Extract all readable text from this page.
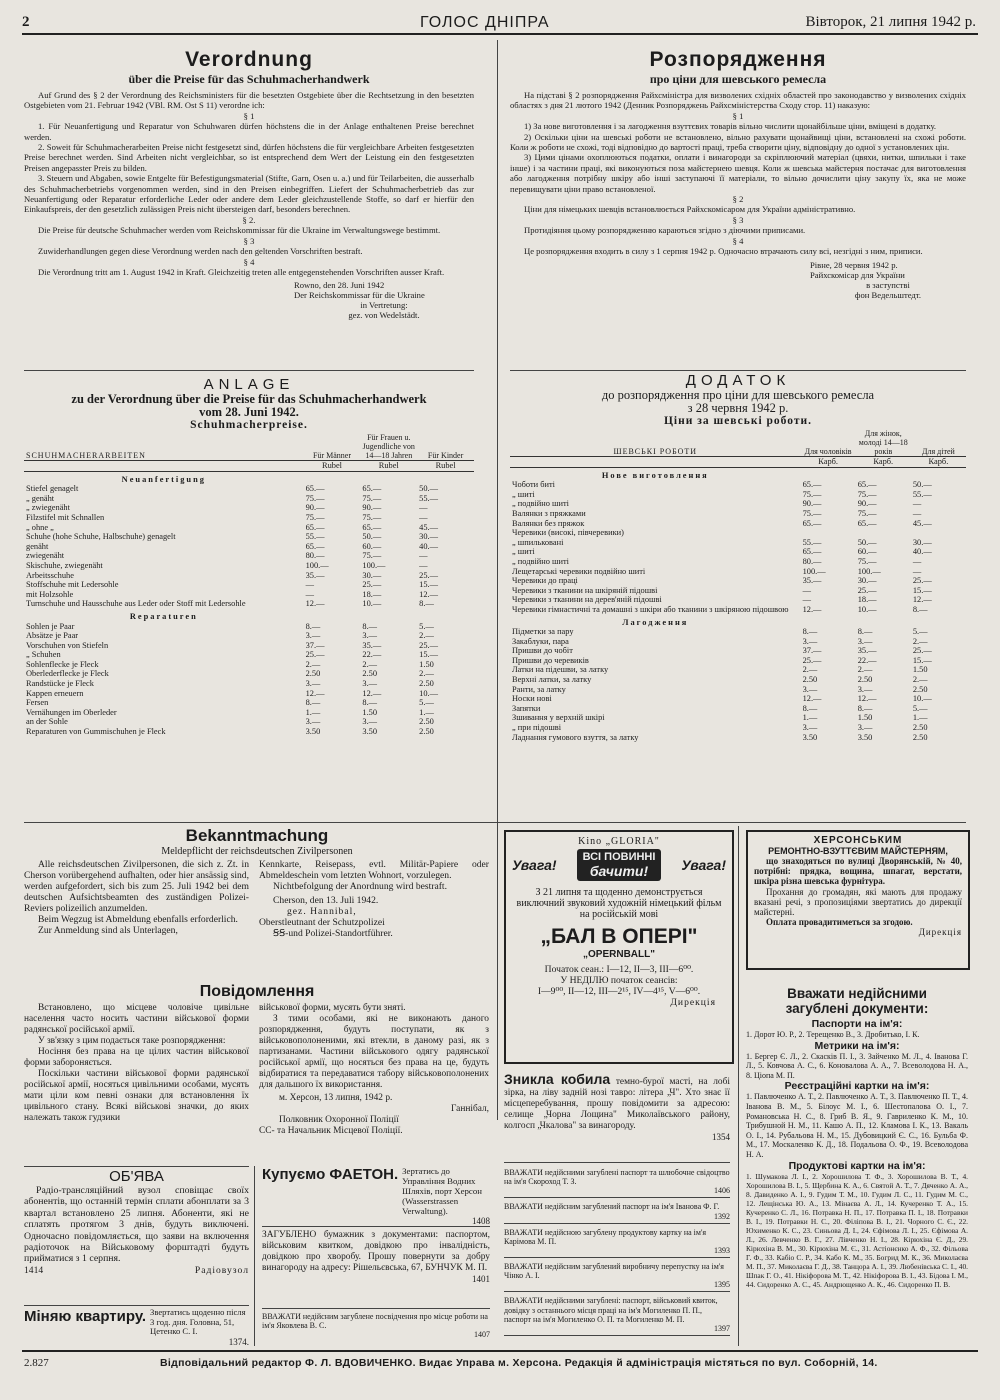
2	ГОЛОС ДНІПРА	Вівторок, 21 липня 1942 р.
Verordnung
über die Preise für das Schuhmacherhandwerk

Auf Grund des § 2 der Verordnung des Reichsministers für die besetzten Ostgebiete über die Rechtsetzung in den besetzten Ostgebieten vom 21. Februar 1942 (VBl. RM. Ost S 11) verordne ich:

§ 1

1. Für Neuanfertigung und Reparatur von Schuhwaren dürfen höchstens die in der Anlage enthaltenen Preise berechnet werden.

2. Soweit für Schuhmacherarbeiten Preise nicht festgesetzt sind, dürfen höchstens die für vergleichbare Arbeiten festgesetzten Preise berechnet werden. Sind Arbeiten nicht vergleichbar, so ist entsprechend dem Wert der Leistung ein den festgesetzten Preisen angepasster Preis zu bilden.

3. Steuern und Abgaben, sowie Entgelte für Befestigungsmaterial (Stifte, Garn, Osen u. a.) und für Teilarbeiten, die ausserhalb des Schuhmacherbetriebs vorgenommen werden, sind in den Preisen einbegriffen. Liefert der Schuhmacherbetrieb das zur Neuanfertigung oder Reparatur erforderliche Leder oder andere dem Leder gleichzustellende Stoffe, so darf er hierfür den Einkaufspreis, der den gesetzlich zulässigen Preis nicht übersteigen darf, besonders berechnen.

§ 2.

Die Preise für deutsche Schuhmacher werden vom Reichskommissar für die Ukraine im Verwaltungswege bestimmt.

§ 3

Zuwiderhandlungen gegen diese Verordnung werden nach den geltenden Vorschriften bestraft.

§ 4

Die Verordnung tritt am 1. August 1942 in Kraft. Gleichzeitig treten alle entgegenstehenden Vorschriften ausser Kraft.

Rowno, den 28. Juni 1942
Der Reichskommissar für die Ukraine
in Vertretung:
gez. von Wedelstädt.
Розпорядження
про ціни для шевського ремесла

На підставі § 2 розпорядження Райхсміністра для визволених східніх областей про законодавство у визволених східніх областях з дня 21 лютого 1942 (Денник Розпоряджень Райхсміністерства Сходу стор. 11) наказую:

§ 1

1) За нове виготовлення і за лагодження взуттєвих товарів вільно числити щонайбільше ціни, вміщені в додатку.

2) Оскільки ціни на шевські роботи не встановлено, вільно рахувати щонайвищі ціни, встановлені на схожі роботи. Коли ж роботи не схожі, тоді відповідно до вартості праці, треба створити ціну, відповідну до одної з установлених цін.

3) Цими цінами охоплюються податки, оплати і винагороди за скріплюючий матеріал (цвяхи, нитки, шпильки і таке інше) і за частини праці, які виконуються поза майстернею шевця. Коли ж шевська майстерня постачає для виготовлення або лагодження потрібну шкіру або інші заступаючі її матеріали, то вільно дочислити ціну закупу їх, яка не може перевищувати ціни право встановленої.

§ 2

Ціни для німецьких шевців встановлюється Райхскомісаром для України адміністративно.

§ 3

Протидіяння цьому розпорядженню караються згідно з діючими приписами.

§ 4

Це розпорядження входить в силу з 1 серпня 1942 р. Одночасно втрачають силу всі, незгідні з ним, приписи.

Рівне, 28 червня 1942 р.
Райхскомісар для України
в заступстві
фон Ведельштедт.
ANLAGE
zu der Verordnung über die Preise für das Schuhmacherhandwerk
vom 28. Juni 1942.
Schuhmacherpreise.
SCHUHMACHERARBEITEN	Für Männer	Für Frauen u. Jugendliche von 14—18 Jahren	Für Kinder
	Rubel	Rubel	Rubel
Neuanfertigung			
Stiefel genagelt	65.—	65.—	50.—
„ genäht	75.—	75.—	55.—
„ zwiegenäht	90.—	90.—	—
Filzstifel mit Schnallen	75.—	75.—	—
„ ohne „	65.—	65.—	45.—
Schuhe (hohe Schuhe, Halbschuhe) genagelt	55.—	50.—	30.—
genäht	65.—	60.—	40.—
zwiegenäht	80.—	75.—	—
Skischuhe, zwiegenäht	100.—	100.—	—
Arbeitsschuhe	35.—	30.—	25.—
Stoffschuhe mit Ledersohle	—	25.—	15.—
mit Holzsohle	—	18.—	12.—
Turnschuhe und Hausschuhe aus Leder oder Stoff mit Ledersohle	12.—	10.—	8.—
Reparaturen			
Sohlen je Paar	8.—	8.—	5.—
Absätze je Paar	3.—	3.—	2.—
Vorschuhen von Stiefeln	37.—	35.—	25.—
„ Schuhen	25.—	22.—	15.—
Sohlenflecke je Fleck	2.—	2.—	1.50
Oberlederflecke je Fleck	2.50	2.50	2.—
Randstücke je Fleck	3.—	3.—	2.50
Kappen erneuern	12.—	12.—	10.—
Fersen	8.—	8.—	5.—
Vernähungen im Oberleder	1.—	1.50	1.—
an der Sohle	3.—	3.—	2.50
Reparaturen von Gummischuhen je Fleck	3.50	3.50	2.50
ДОДАТОК
до розпорядження про ціни для шевського ремесла
з 28 червня 1942 р.
Ціни за шевські роботи.
ШЕВСЬКІ РОБОТИ	Для чоловіків	Для жінок, молоді 14—18 років	Для дітей
	Карб.	Карб.	Карб.
Нове виготовлення			
Чоботи биті	65.—	65.—	50.—
„ шиті	75.—	75.—	55.—
„ подвійно шиті	90.—	90.—	—
Валянки з пряжками	75.—	75.—	—
Валянки без пряжок	65.—	65.—	45.—
Черевики (високі, півчеревики)			
„ шпильковані	55.—	50.—	30.—
„ шиті	65.—	60.—	40.—
„ подвійно шиті	80.—	75.—	—
Лещетарські черевики подвійно шиті	100.—	100.—	—
Черевики до праці	35.—	30.—	25.—
Черевики з тканини на шкіряній підошві	—	25.—	15.—
Черевики з тканини на дерев'яній підошві	—	18.—	12.—
Черевики гімнастичні та домашні з шкіри або тканини з шкіряною підошвою	12.—	10.—	8.—
Лагодження			
Підметки за пару	8.—	8.—	5.—
Закаблуки, пара	3.—	3.—	2.—
Пришви до чобіт	37.—	35.—	25.—
Пришви до черевиків	25.—	22.—	15.—
Латки на підешви, за латку	2.—	2.—	1.50
Верхні латки, за латку	2.50	2.50	2.—
Ранти, за латку	3.—	3.—	2.50
Носки нові	12.—	12.—	10.—
Запятки	8.—	8.—	5.—
Зшивання у верхній шкірі	1.—	1.50	1.—
„ при підошві	3.—	3.—	2.50
Ладнання гумового взуття, за латку	3.50	3.50	2.50
Bekanntmachung
Meldepflicht der reichsdeutschen Zivilpersonen

Alle reichsdeutschen Zivilpersonen, die sich z. Zt. in Cherson vorübergehend aufhalten, oder hier ansässig sind, werden aufgefordert, sich bis zum 25. Juli 1942 bei dem deutschen Aufsichtsbeamten des zuständigen Polizei-Reviers polizeilich anzumelden.

Beim Wegzug ist Abmeldung ebenfalls erforderlich.

Zur Anmeldung sind als Unterlagen,

Kennkarte, Reisepass, evtl. Militär-Papiere oder Abmeldeschein vom letzten Wohnort, vorzulegen.

Nichtbefolgung der Anordnung wird bestraft.

Cherson, den 13. Juli 1942.
gez. Hannibal,
Oberstleutnant der Schutzpolizei
ꞨꞨ-und Polizei-Standortführer.
Повідомлення

Встановлено, що місцеве чоловіче цивільне населення часто носить частини військової форми радянської російської армії.

У зв'язку з цим подається таке розпорядження:

Носіння без права на це цілих частин військової форми забороняється.

Поскільки частини військової форми радянської російської армії, носяться цивільними особами, мусять мати ціли ком певні ознаки для встановлення їх цивільного стану. Всякі військові значки, до яких належать також гудзики

військової форми, мусять бути зняті.

З тими особами, які не виконають даного розпорядження, будуть поступати, як з військовополоненими, які втекли, в даному разі, як з партизанами. Частини військового одягу радянської російської армії, що носяться без права на це, будуть відбиратися та передаватися табору військовополонених для дальшого їх використання.

м. Херсон, 13 липня, 1942 р.
Ганнібал,
Полковник Охоронної Поліції
СС- та Начальник Місцевої Поліції.
ОБ'ЯВА

Радіо-трансляційний вузол сповіщає своїх абонентів, що останній термін сплати абонплати за 3 квартал встановлено 25 липня. Абоненти, які не сплатять протягом 3 днів, будуть виключені. Одночасно повідомляється, що заяви на включення радіоточок на Військовому форштадті будуть прийматися з 1 серпня.

1414	Радіовузол
Міняю квартиру. Звертатись щоденно після 3 год. дня. Головна, 51, Цетенко С. І.
1374.
Купуємо ФАЕТОН. Зертатись до Управління Водних Шляхів, порт Херсон (Wasserstrassen Verwaltung).
1408

ЗАГУБЛЕНО бумажник з документами: паспортом, військовим квитком, довідкою про інвалідність, довідкою про хворобу. Прошу повернути за добру винагороду на адресу: Рішельєвська, 67, БУНЧУК М. П.

1401

ВВАЖАТИ недійсним загублене посвідчення про місце роботи на ім'я Яковлева В. С.

1407
Kino „GLORIA"
Увага! ВСІ ПОВИННІ
бачити!	Увага!

З 21 липня та щоденно демонструється виключний звуковий художній німецький фільм на російській мові

„БАЛ В ОПЕРІ"
„OPERNBALL"
Початок сеан.: I—12, II—3, III—6⁰⁰.
У НЕДІЛЮ початок сеансів:
I—9⁰⁰, II—12, III—2¹⁵, IV—4¹⁵, V—6⁰⁰.
Дирекція
Зникла кобила темно-бурої масті, на лобі зірка, на ліву задній нозі тавро: літера „Ч". Хто знає її місцеперебування, прошу повідомити за адресою: селище „Чорна Лощина" Миколаївського району, колгосп „Чкалова" за винагороду.
1354

ВВАЖАТИ недійсними загублені паспорт та шлюбочне свідоцтво на ім'я Скороход Т. З.

1406

ВВАЖАТИ недійсним загублений паспорт на ім'я Іванова Ф. Г.

1392

ВВАЖАТИ недійсною загублену продуктову картку на ім'я Карімова М. П.

1393

ВВАЖАТИ недійсним загублений виробничу перепустку на ім'я Чінко А. І.

1395

ВВАЖАТИ недійсними загублені: паспорт, військовий квиток, довідку з останнього місця праці на ім'я Могиленко П. П., паспорт на ім'я Могиленко О. П. та Могиленко М. П.

1397
ХЕРСОНСЬКИМ
РЕМОНТНО-ВЗУТТЄВИМ МАЙСТЕРНЯМ,

що знаходяться по вулиці Дворянській, № 40, потрібні: прядка, вощина, шпагат, верстати, шкіра різна шевська фурнітура.

Прохання до громадян, які мають для продажу вказані речі, з пропозиціями звертатись до дирекції майстерні.

Оплата провадитиметься за згодою.

Дирекція
Вважати недійсними
загублені документи:
Паспорти на ім'я:

1. Дорот Ю. Р., 2. Терещенко В., 3. Дробитько, І. К.

Метрики на ім'я:

1. Бергер Є. Л., 2. Скасків П. І., 3. Зайченко М. Л., 4. Іванова Г. Л., 5. Ковчова А. С., 6. Коновалова А. А., 7. Всеволодова Н. А., 8. Ціопа М. П.

Реєстраційні картки на ім'я:

1. Павлюченко А. Т., 2. Павлюченко А. Т., 3. Павлюченко П. Т., 4. Іванова В. М., 5. Білоус М. І., 6. Шестопалова О. І., 7. Романовська Н. С., 8. Гриб В. Я., 9. Гавриленко К. М., 10. Трибушной Н. М., 11. Кашо А. П., 12. Кламова І. К., 13. Вакаль О. І., 14. Рубальова Н. М., 15. Дубовицкий Є. С., 16. Бульба Ф. М., 17. Москаленко К. Д., 18. Подальова О. Ф., 19. Всеволодова Н. А.

Продуктові картки на ім'я:

1. Шумакова Л. І., 2. Хорошилова Т. Ф., 3. Хорошилова В. Т., 4. Хорошилова В. І., 5. Щербина К. А., 6. Святой А. Т., 7. Дяченко А. А., 8. Давиденко А. І., 9. Гудим Т. М., 10. Гудим Л. С., 11. Гудим М. С., 12. Лещінська Ю. А., 13. Мінаєва А. Л., 14. Кучеренко Т. А., 15. Кучеренко С. Л., 16. Потравка Н. П., 17. Потравка П. І., 18. Потравки В. І., 19. Потравки Н. С., 20. Філіпова В. І., 21. Чорного С. Є., 22. Юхименко К. С., 23. Синьова Д. І., 24. Єфімова Л. І., 25. Єфімова А. Л., 26. Левченко В. Г., 27. Лівченко Н. І., 28. Кірюхіна Є. Д., 29. Кірюхіна В. М., 30. Кірюхіна М. Є., 31. Астіонєнко А. Ф., 32. Фільова Г. Ф., 33. Кабіо С. Р., 34. Кабо К. М., 35. Богрид М. К., 36. Миколаєва М. П., 37. Миколаєва Г. Д., 38. Танцора А. І., 39. Любенівська С. І., 40. Шпак Г. О., 41. Нікіфорова М. Т., 42. Нікіфорова В. І., 43. Бідова І. М., 44. Сидоренко А. С., 45. Андрющенко А. К., 46. Сидоренко П. В.

2.827	Відповідальний редактор Ф. Л. ВДОВИЧЕНКО. Видає Управа м. Херсона. Редакція й адміністрація містяться по вул. Соборній, 14.
